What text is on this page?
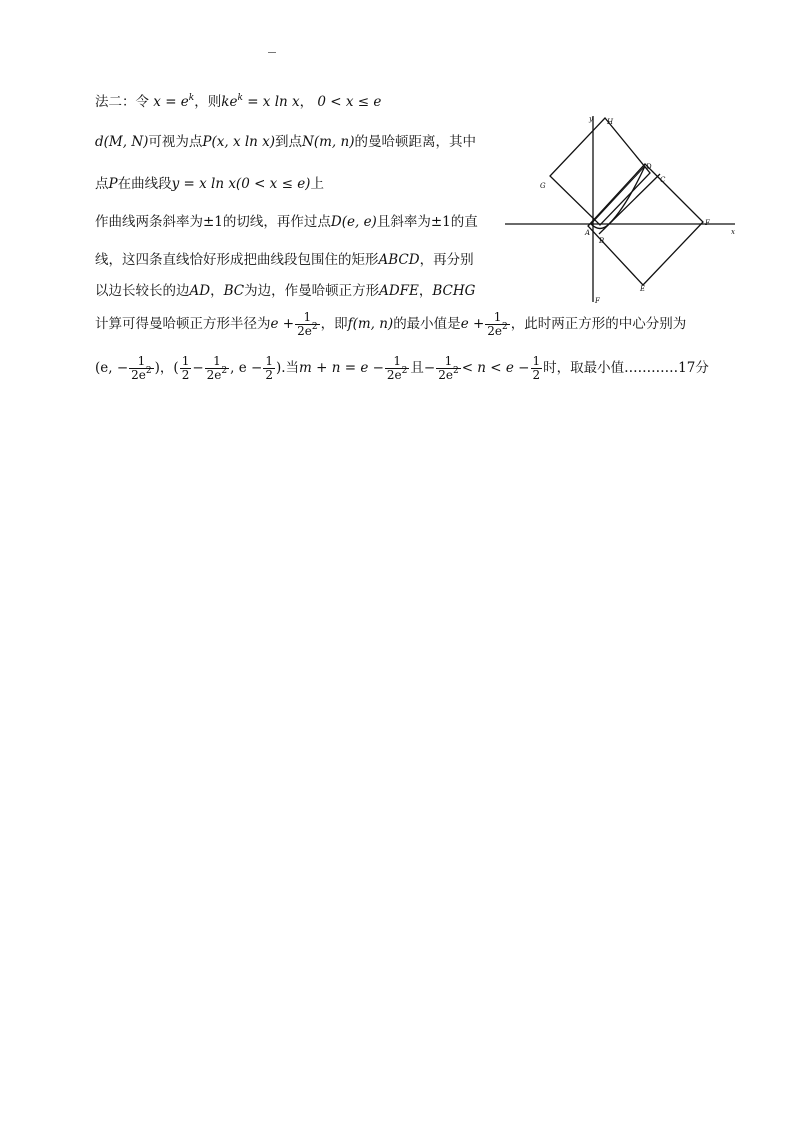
法二：令 $x = e^k$，则$ke^k = x$ ln x， 0 < x ≤ e
d(M, N)可视为点P(x, x ln x)到点N(m, n)的曼哈顿距离，其中
点P在曲线段y = x ln x(0 < x ≤ e)上
作曲线两条斜率为±1的切线，再作过点D(e, e)且斜率为±1的直
线，这四条直线恰好形成把曲线段包围住的矩形ABCD，再分别
以边长较长的边AD，BC为边，作曼哈顿正方形ADFE，BCHG
计算可得曼哈顿正方形半径为$e + \frac{1}{2e^2}$ ，即f(m, n)的最小值是$e + \frac{1}{2e^2}$ ，此时两正方形的中心分别为
(e, − $\frac{1}{2e^2}$ )，( $\frac{1}{2} - \frac{1}{2e^2}$ , $e - \frac{1}{2}$ ).当$m + n = e - \frac{1}{2e^2}$ 且− $\frac{1}{2e^2} < n < e - \frac{1}{2}$ 时，取最小值…………17分
y
x
A
H
G
D
C
B
F
E
F
